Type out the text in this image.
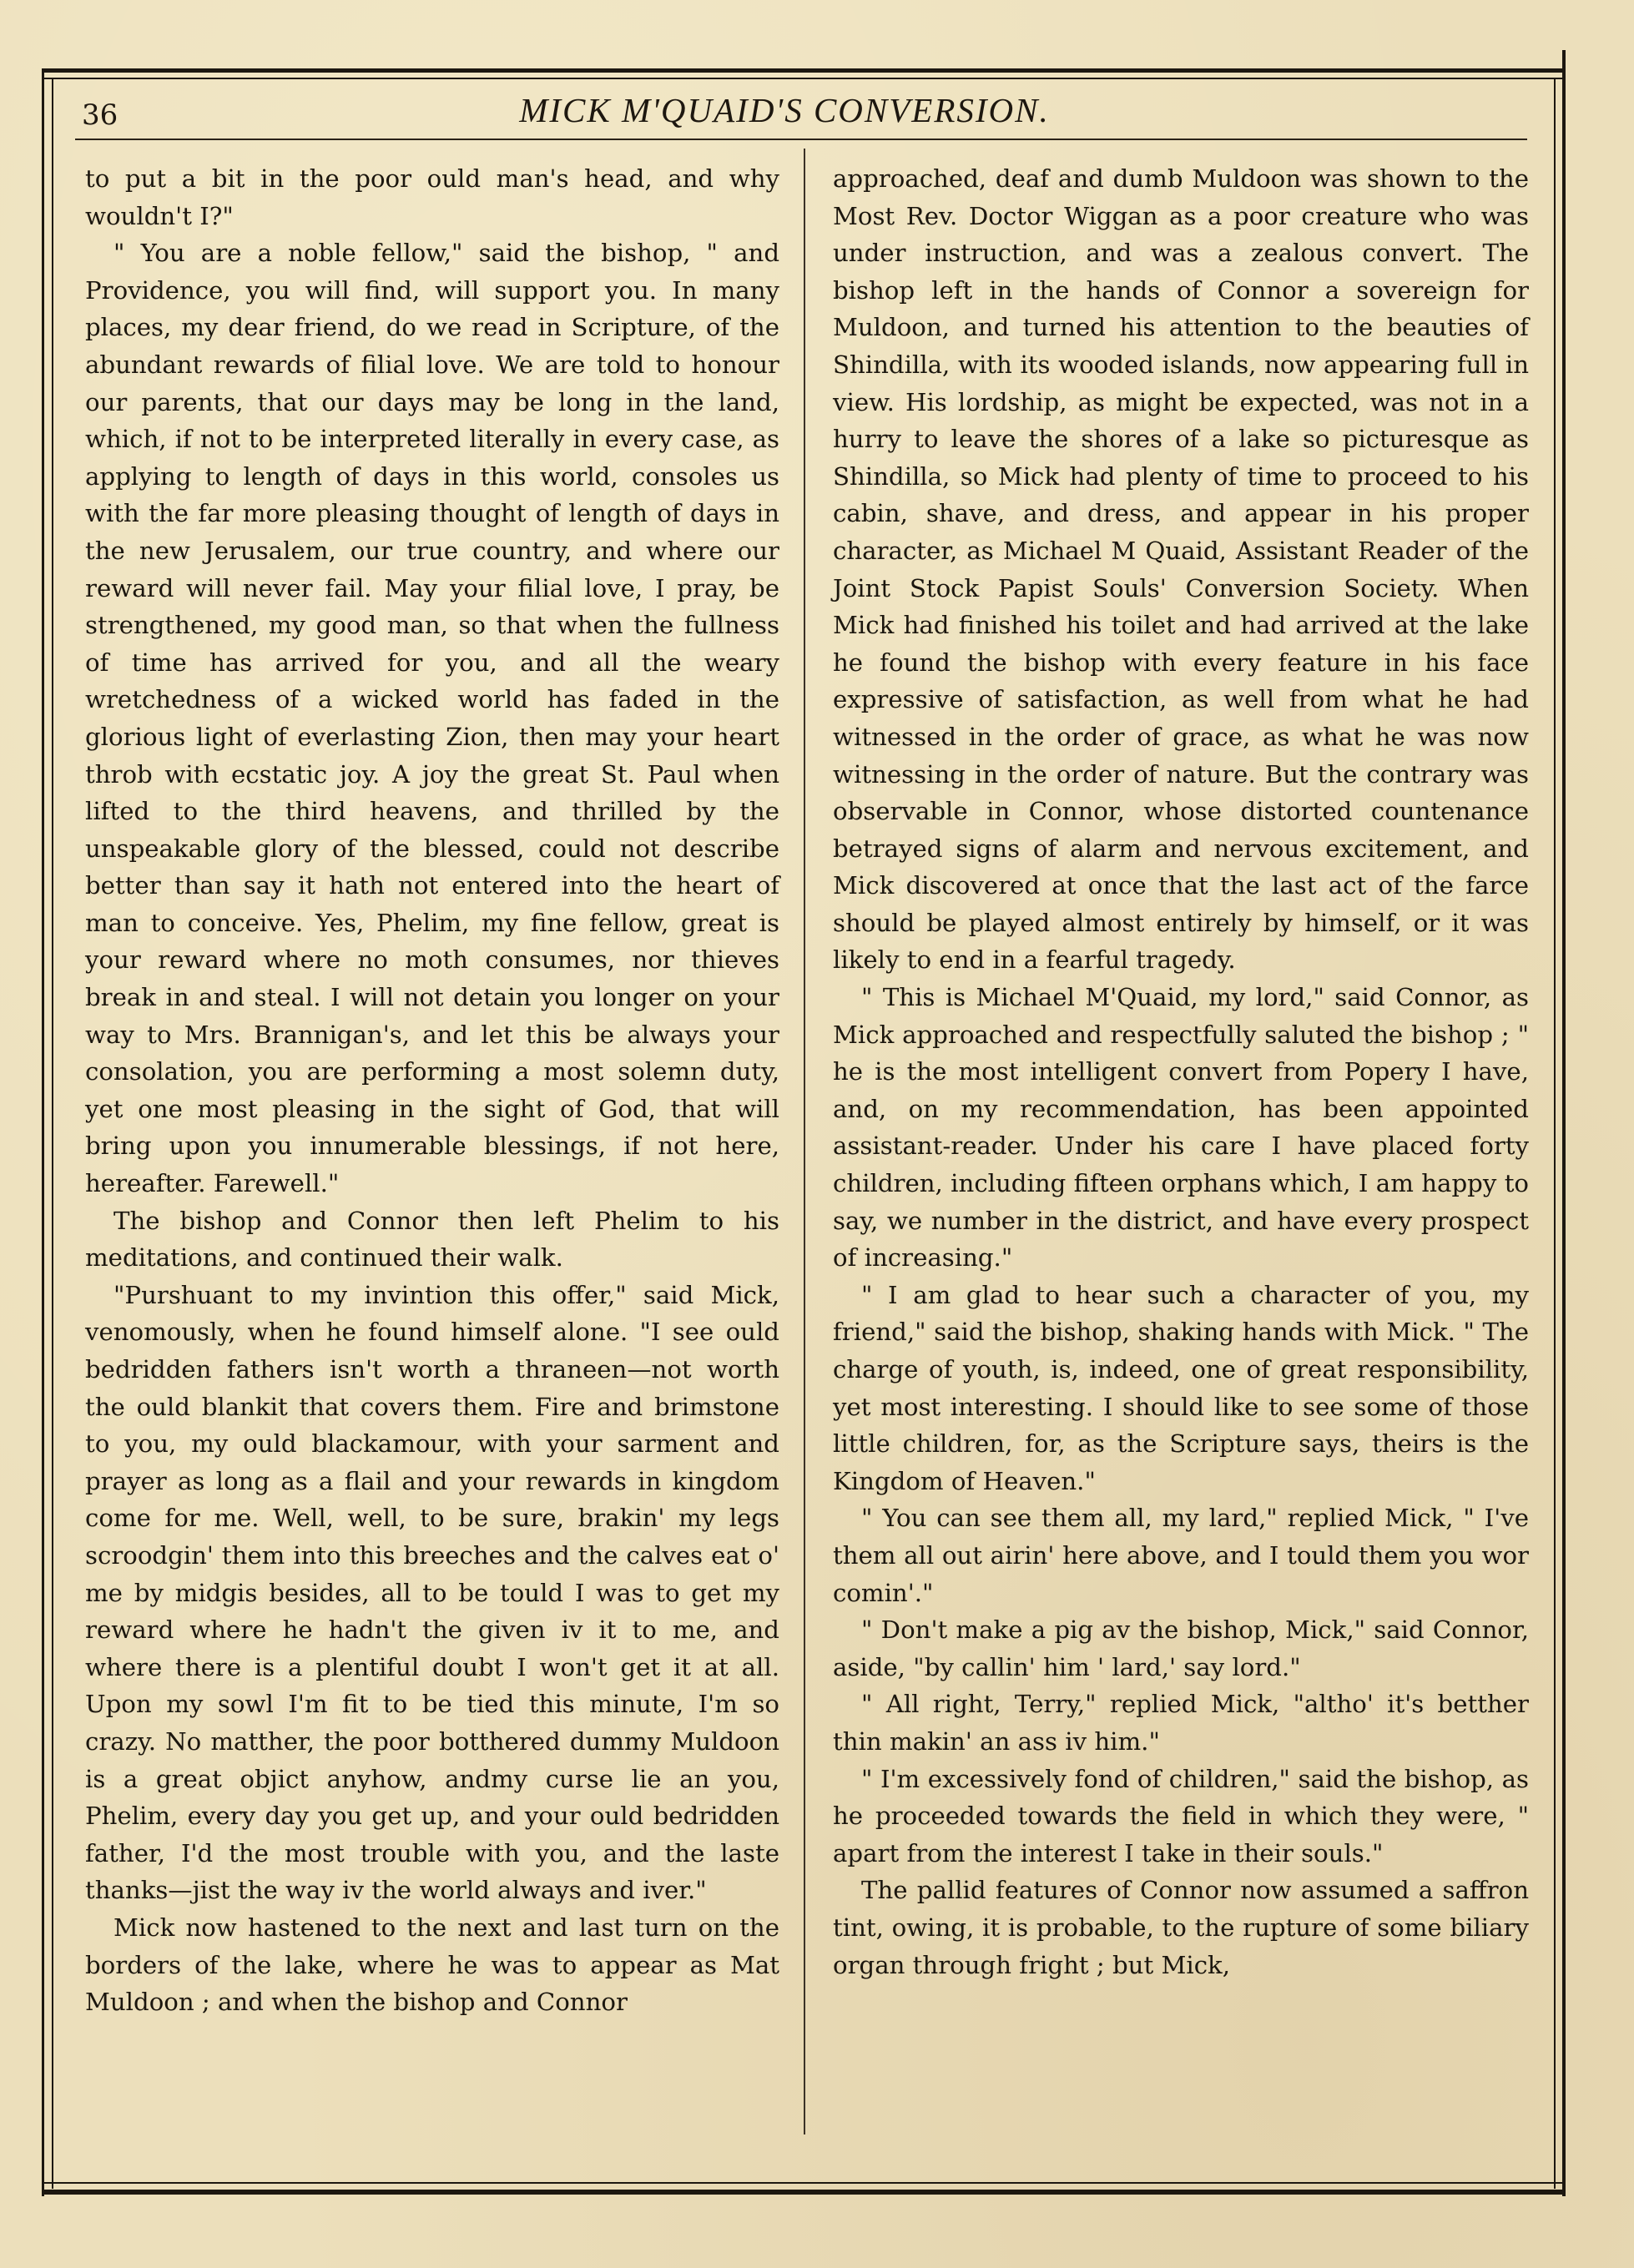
36	MICK M'QUAID'S CONVERSION.

to put a bit in the poor ould man's head, and why wouldn't I?"

" You are a noble fellow," said the bishop, " and Providence, you will find, will support you. In many places, my dear friend, do we read in Scripture, of the abundant rewards of filial love. We are told to honour our parents, that our days may be long in the land, which, if not to be interpreted literally in every case, as applying to length of days in this world, consoles us with the far more pleasing thought of length of days in the new Jerusalem, our true country, and where our reward will never fail. May your filial love, I pray, be strengthened, my good man, so that when the fullness of time has arrived for you, and all the weary wretchedness of a wicked world has faded in the glorious light of everlasting Zion, then may your heart throb with ecstatic joy. A joy the great St. Paul when lifted to the third heavens, and thrilled by the unspeakable glory of the blessed, could not describe better than say it hath not entered into the heart of man to conceive. Yes, Phelim, my fine fellow, great is your reward where no moth consumes, nor thieves break in and steal. I will not detain you longer on your way to Mrs. Brannigan's, and let this be always your consolation, you are performing a most solemn duty, yet one most pleasing in the sight of God, that will bring upon you innumerable blessings, if not here, hereafter. Farewell."

The bishop and Connor then left Phelim to his meditations, and continued their walk.

"Purshuant to my invintion this offer," said Mick, venomously, when he found himself alone. "I see ould bedridden fathers isn't worth a thraneen—not worth the ould blankit that covers them. Fire and brimstone to you, my ould blackamour, with your sarment and prayer as long as a flail and your rewards in kingdom come for me. Well, well, to be sure, brakin' my legs scroodgin' them into this breeches and the calves eat o' me by midgis besides, all to be tould I was to get my reward where he hadn't the given iv it to me, and where there is a plentiful doubt I won't get it at all. Upon my sowl I'm fit to be tied this minute, I'm so crazy. No matther, the poor botthered dummy Muldoon is a great objict anyhow, andmy curse lie an you, Phelim, every day you get up, and your ould bedridden father, I'd the most trouble with you, and the laste thanks—jist the way iv the world always and iver."

Mick now hastened to the next and last turn on the borders of the lake, where he was to appear as Mat Muldoon ; and when the bishop and Connor

approached, deaf and dumb Muldoon was shown to the Most Rev. Doctor Wiggan as a poor creature who was under instruction, and was a zealous convert. The bishop left in the hands of Connor a sovereign for Muldoon, and turned his attention to the beauties of Shindilla, with its wooded islands, now appearing full in view. His lordship, as might be expected, was not in a hurry to leave the shores of a lake so picturesque as Shindilla, so Mick had plenty of time to proceed to his cabin, shave, and dress, and appear in his proper character, as Michael M Quaid, Assistant Reader of the Joint Stock Papist Souls' Conversion Society. When Mick had finished his toilet and had arrived at the lake he found the bishop with every feature in his face expressive of satisfaction, as well from what he had witnessed in the order of grace, as what he was now witnessing in the order of nature. But the contrary was observable in Connor, whose distorted countenance betrayed signs of alarm and nervous excitement, and Mick discovered at once that the last act of the farce should be played almost entirely by himself, or it was likely to end in a fearful tragedy.

" This is Michael M'Quaid, my lord," said Connor, as Mick approached and respectfully saluted the bishop ; " he is the most intelligent convert from Popery I have, and, on my recommendation, has been appointed assistant-reader. Under his care I have placed forty children, including fifteen orphans which, I am happy to say, we number in the district, and have every prospect of increasing."

" I am glad to hear such a character of you, my friend," said the bishop, shaking hands with Mick. " The charge of youth, is, indeed, one of great responsibility, yet most interesting. I should like to see some of those little children, for, as the Scripture says, theirs is the Kingdom of Heaven."

" You can see them all, my lard," replied Mick, " I've them all out airin' here above, and I tould them you wor comin'."

" Don't make a pig av the bishop, Mick," said Connor, aside, "by callin' him ' lard,' say lord."

" All right, Terry," replied Mick, "altho' it's betther thin makin' an ass iv him."

" I'm excessively fond of children," said the bishop, as he proceeded towards the field in which they were, " apart from the interest I take in their souls."

The pallid features of Connor now assumed a saffron tint, owing, it is probable, to the rupture of some biliary organ through fright ; but Mick,
